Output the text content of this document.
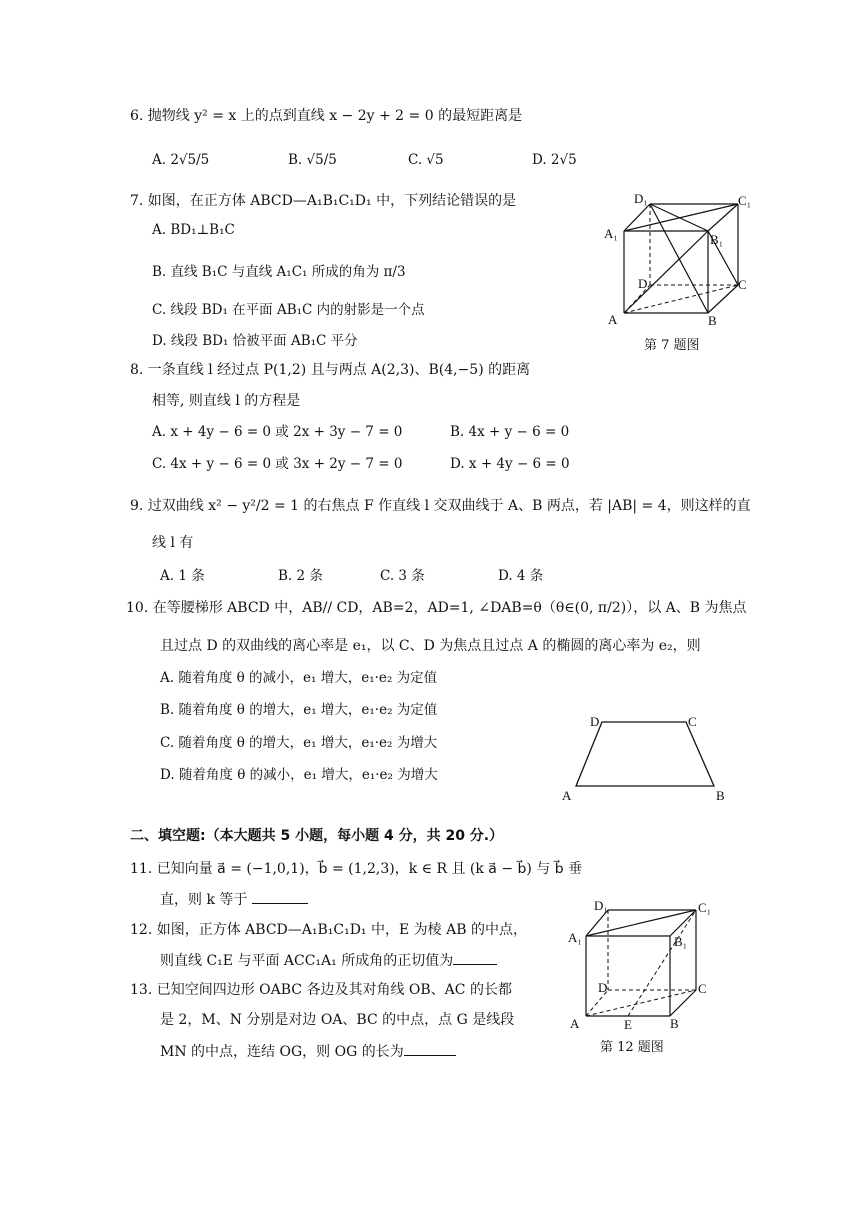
6. 抛物线 y² = x 上的点到直线 x − 2y + 2 = 0 的最短距离是
A. 2√5/5	B. √5/5	C. √5	D. 2√5
7. 如图，在正方体 ABCD—A₁B₁C₁D₁ 中，下列结论错误的是
A. BD₁⊥B₁C
B. 直线 B₁C 与直线 A₁C₁ 所成的角为 π/3
C. 线段 BD₁ 在平面 AB₁C 内的射影是一个点
D. 线段 BD₁ 恰被平面 AB₁C 平分
D₁	C₁
A₁	B₁
D	C
A	B
第 7 题图
8. 一条直线 l 经过点 P(1,2) 且与两点 A(2,3)、B(4,−5) 的距离
相等, 则直线 l 的方程是
A. x + 4y − 6 = 0 或 2x + 3y − 7 = 0	B. 4x + y − 6 = 0
C. 4x + y − 6 = 0 或 3x + 2y − 7 = 0	D. x + 4y − 6 = 0
9. 过双曲线 x² − y²/2 = 1 的右焦点 F 作直线 l 交双曲线于 A、B 两点，若 |AB| = 4，则这样的直
线 l 有
A. 1 条	B. 2 条	C. 3 条	D. 4 条
10. 在等腰梯形 ABCD 中，AB// CD，AB=2，AD=1, ∠DAB=θ（θ∈(0, π/2)），以 A、B 为焦点
且过点 D 的双曲线的离心率是 e₁，以 C、D 为焦点且过点 A 的椭圆的离心率为 e₂，则
A. 随着角度 θ 的减小，e₁ 增大，e₁·e₂ 为定值
B. 随着角度 θ 的增大，e₁ 增大，e₁·e₂ 为定值
C. 随着角度 θ 的增大，e₁ 增大，e₁·e₂ 为增大
D. 随着角度 θ 的减小，e₁ 增大，e₁·e₂ 为增大
D	C
A	B
二、填空题:（本大题共 5 小题，每小题 4 分，共 20 分.）
11. 已知向量 a⃗ = (−1,0,1)，b⃗ = (1,2,3)，k ∈ R 且 (k a⃗ − b⃗) 与 b⃗ 垂
直，则 k 等于
12. 如图，正方体 ABCD—A₁B₁C₁D₁ 中，E 为棱 AB 的中点，
则直线 C₁E 与平面 ACC₁A₁ 所成角的正切值为
13. 已知空间四边形 OABC 各边及其对角线 OB、AC 的长都
是 2，M、N 分别是对边 OA、BC 的中点，点 G 是线段
MN 的中点，连结 OG，则 OG 的长为
D₁	C₁
A₁	B₁
D	C
A	E	B
第 12 题图
